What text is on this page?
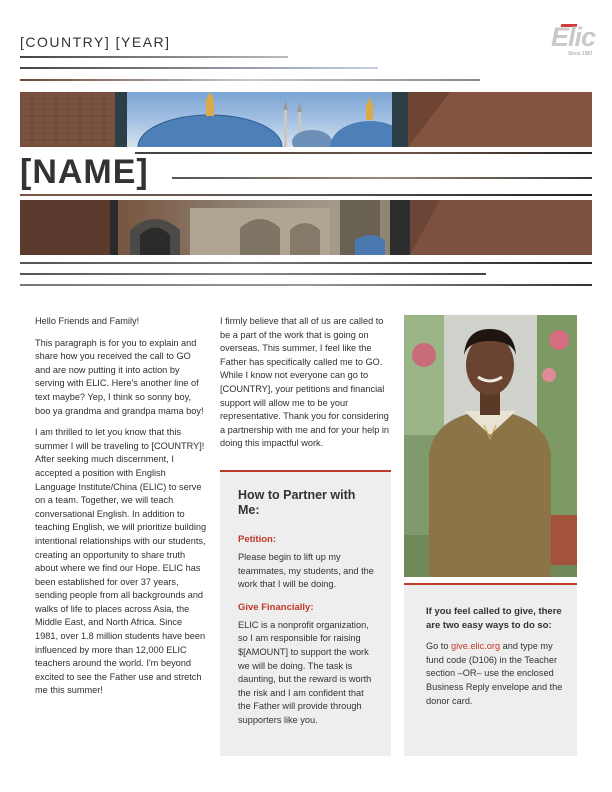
[COUNTRY] [YEAR]	Elic
Since 1981
[NAME]

Hello Friends and Family!

This paragraph is for you to explain and share how you received the call to GO and are now putting it into action by serving with ELIC. Here's another line of text maybe? Yep, I think so sonny boy, boo ya grandma and grandpa mama boy!

I am thrilled to let you know that this summer I will be traveling to [COUNTRY]! After seeking much discernment, I accepted a position with English Language Institute/China (ELIC) to serve on a team. Together, we will teach conversational English. In addition to teaching English, we will prioritize building intentional relationships with our students, creating an opportunity to share truth about where we find our Hope. ELIC has been established for over 37 years, sending people from all backgrounds and walks of life to places across Asia, the Middle East, and North Africa. Since 1981, over 1.8 million students have been influenced by more than 12,000 ELIC teachers around the world. I'm beyond excited to see the Father use and stretch me this summer!

I firmly believe that all of us are called to be a part of the work that is going on overseas. This summer, I feel like the Father has specifically called me to GO. While I know not everyone can go to [COUNTRY], your petitions and financial support will allow me to be your representative. Thank you for considering a partnership with me and for your help in doing this impactful work.

How to Partner with Me:
Petition:
Please begin to lift up my teammates, my students, and the work that I will be doing.
Give Financially:
ELIC is a nonprofit organization, so I am responsible for raising $[AMOUNT] to support the work we will be doing. The task is daunting, but the reward is worth the risk and I am confident that the Father will provide through supporters like you.
If you feel called to give, there are two easy ways to do so:
Go to give.elic.org and type my fund code (D106) in the Teacher section –OR– use the enclosed Business Reply envelope and the donor card.
